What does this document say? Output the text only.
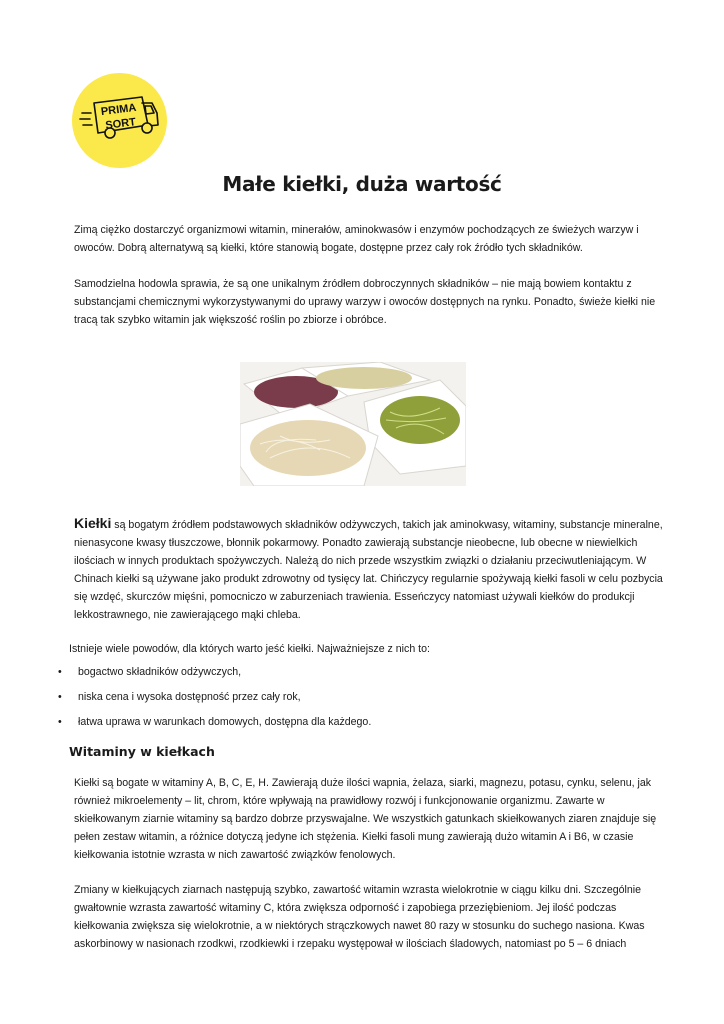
PRIMA
SORT
Małe kiełki, duża wartość

Zimą ciężko dostarczyć organizmowi witamin, minerałów, aminokwasów i enzymów pochodzących ze świeżych warzyw i owoców. Dobrą alternatywą są kiełki, które stanowią bogate, dostępne przez cały rok źródło tych składników.

Samodzielna hodowla sprawia, że są one unikalnym źródłem dobroczynnych składników – nie mają bowiem kontaktu z substancjami chemicznymi wykorzystywanymi do uprawy warzyw i owoców dostępnych na rynku. Ponadto, świeże kiełki nie tracą tak szybko witamin jak większość roślin po zbiorze i obróbce.

Kiełki są bogatym źródłem podstawowych składników odżywczych, takich jak aminokwasy, witaminy, substancje mineralne, nienasycone kwasy tłuszczowe, błonnik pokarmowy. Ponadto zawierają substancje nieobecne, lub obecne w niewielkich ilościach w innych produktach spożywczych. Należą do nich przede wszystkim związki o działaniu przeciwutleniającym. W Chinach kiełki są używane jako produkt zdrowotny od tysięcy lat. Chińczycy regularnie spożywają kiełki fasoli w celu pozbycia się wzdęć, skurczów mięśni, pomocniczo w zaburzeniach trawienia. Esseńczycy natomiast używali kiełków do produkcji lekkostrawnego, nie zawierającego mąki chleba.

Istnieje wiele powodów, dla których warto jeść kiełki. Najważniejsze z nich to:

• bogactwo składników odżywczych,
• niska cena i wysoka dostępność przez cały rok,
• łatwa uprawa w warunkach domowych, dostępna dla każdego.
Witaminy w kiełkach

Kiełki są bogate w witaminy A, B, C, E, H. Zawierają duże ilości wapnia, żelaza, siarki, magnezu, potasu, cynku, selenu, jak również mikroelementy – lit, chrom, które wpływają na prawidłowy rozwój i funkcjonowanie organizmu. Zawarte w skiełkowanym ziarnie witaminy są bardzo dobrze przyswajalne. We wszystkich gatunkach skiełkowanych ziaren znajduje się pełen zestaw witamin, a różnice dotyczą jedyne ich stężenia. Kiełki fasoli mung zawierają dużo witamin A i B6, w czasie kiełkowania istotnie wzrasta w nich zawartość związków fenolowych.

Zmiany w kiełkujących ziarnach następują szybko, zawartość witamin wzrasta wielokrotnie w ciągu kilku dni. Szczególnie gwałtownie wzrasta zawartość witaminy C, która zwiększa odporność i zapobiega przeziębieniom. Jej ilość podczas kiełkowania zwiększa się wielokrotnie, a w niektórych strączkowych nawet 80 razy w stosunku do suchego nasiona. Kwas askorbinowy w nasionach rzodkwi, rzodkiewki i rzepaku występował w ilościach śladowych, natomiast po 5 – 6 dniach
